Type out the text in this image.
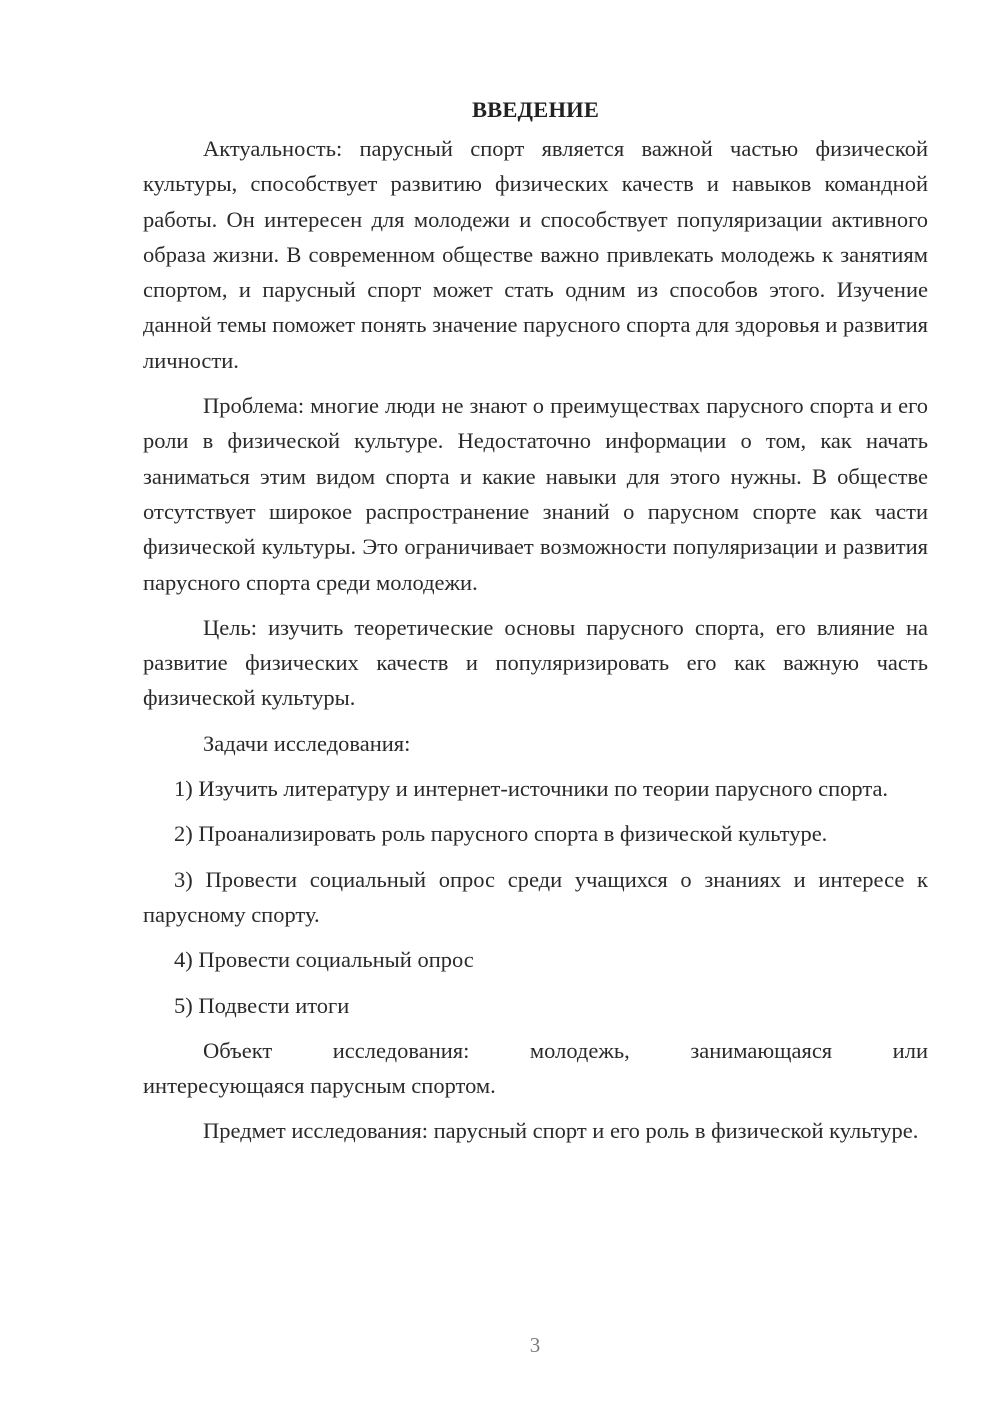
ВВЕДЕНИЕ

Актуальность: парусный спорт является важной частью физической культуры, способствует развитию физических качеств и навыков командной работы. Он интересен для молодежи и способствует популяризации активного образа жизни. В современном обществе важно привлекать молодежь к занятиям спортом, и парусный спорт может стать одним из способов этого. Изучение данной темы поможет понять значение парусного спорта для здоровья и развития личности.

Проблема: многие люди не знают о преимуществах парусного спорта и его роли в физической культуре. Недостаточно информации о том, как начать заниматься этим видом спорта и какие навыки для этого нужны. В обществе отсутствует широкое распространение знаний о парусном спорте как части физической культуры. Это ограничивает возможности популяризации и развития парусного спорта среди молодежи.

Цель: изучить теоретические основы парусного спорта, его влияние на развитие физических качеств и популяризировать его как важную часть физической культуры.

Задачи исследования:

1) Изучить литературу и интернет-источники по теории парусного спорта.

2) Проанализировать роль парусного спорта в физической культуре.

3) Провести социальный опрос среди учащихся о знаниях и интересе к парусному спорту.

4) Провести социальный опрос

5) Подвести итоги

Объект исследования: молодежь, занимающаяся или
интересующаяся парусным спортом.

Предмет исследования: парусный спорт и его роль в физической культуре.

3
